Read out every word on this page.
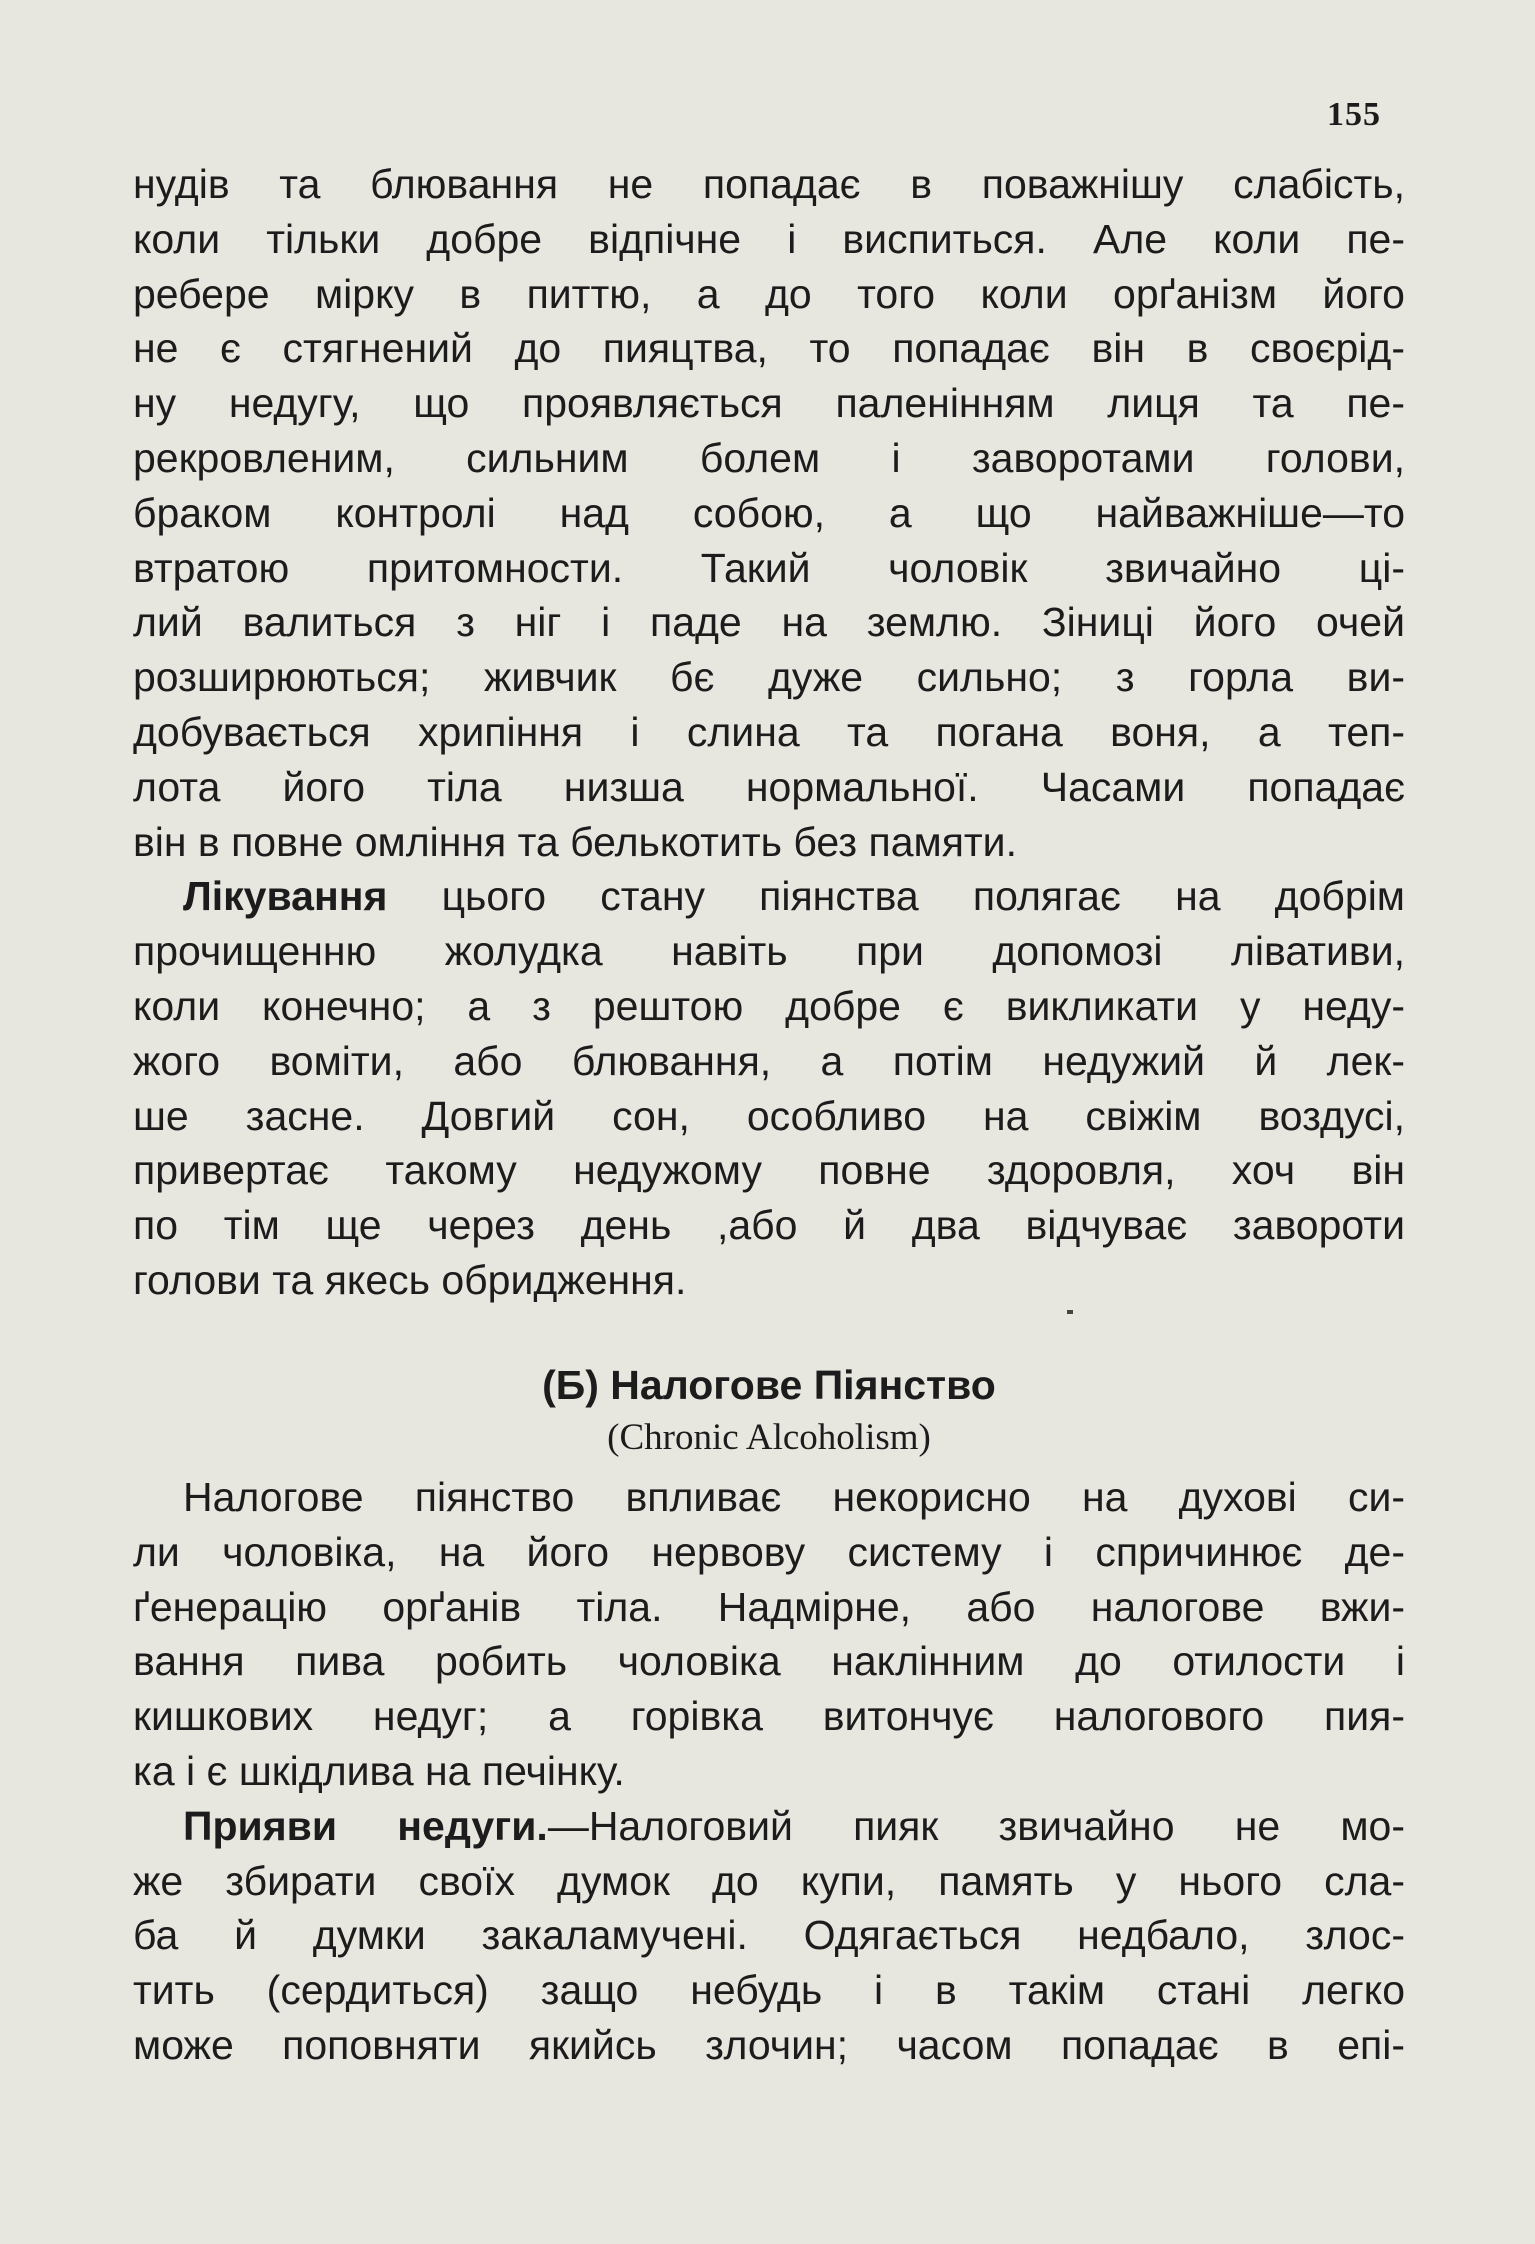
155
нудів та блювання не попадає в поважнішу слабість,
коли тільки добре відпічне і виспиться. Але коли пе-
ребере мірку в питтю, а до того коли орґанізм його
не є стягнений до пияцтва, то попадає він в своєрід-
ну недугу, що проявляється паленінням лиця та пе-
рекровленим, сильним болем і заворотами голови,
браком контролі над собою, а що найважніше—то
втратою притомности. Такий чоловік звичайно ці-
лий валиться з ніг і паде на землю. Зіниці його очей
розширюються; живчик бє дуже сильно; з горла ви-
добувається хрипіння і слина та погана воня, а теп-
лота його тіла низша нормальної. Часами попадає
він в повне омління та белькотить без памяти.
Лікування цього стану піянства полягає на добрім
прочищенню жолудка навіть при допомозі лівативи,
коли конечно; а з рештою добре є викликати у неду-
жого воміти, або блювання, а потім недужий й лек-
ше засне. Довгий сон, особливо на свіжім воздусі,
привертає такому недужому повне здоровля, хоч він
по тім ще через день ,або й два відчуває завороти
голови та якесь обридження.
(Б) Налогове Піянство
(Chronic Alcoholism)
Налогове піянство впливає некорисно на духові си-
ли чоловіка, на його нервову систему і спричинює де-
ґенерацію орґанів тіла. Надмірне, або налогове вжи-
вання пива робить чоловіка наклінним до отилости і
кишкових недуг; а горівка витончує налогового пия-
ка і є шкідлива на печінку.
Прияви недуги.—Налоговий пияк звичайно не мо-
же збирати своїх думок до купи, память у нього сла-
ба й думки закаламучені. Одягається недбало, злос-
тить (сердиться) защо небудь і в такім стані легко
може поповняти якийсь злочин; часом попадає в епі-
